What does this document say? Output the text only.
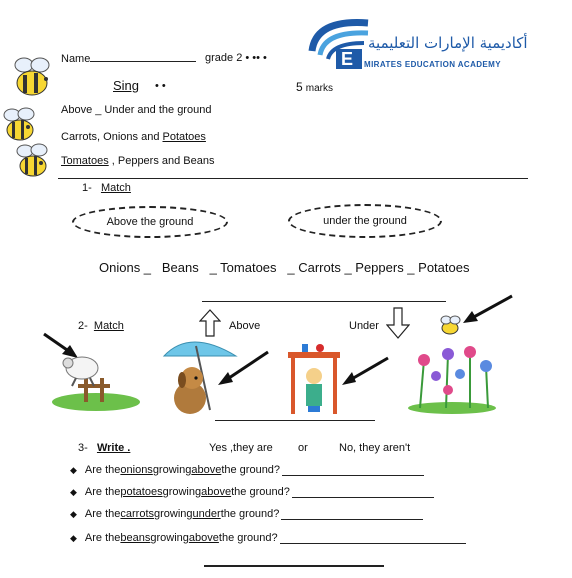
Name	grade 2 • •• •	E
أكاديمية الإمارات التعليمية
MIRATES EDUCATION ACADEMY
Sing • •	5 marks
Above _ Under and the ground
Carrots, Onions and Potatoes
Tomatoes , Peppers and Beans
1- Match
Above the ground	under the ground
Onions _   Beans   _ Tomatoes   _ Carrots _ Peppers _ Potatoes
2- Match	Above	Under
3- Write .	Yes ,they are or	No, they aren't
◆ Are the onions growing above the ground?
◆ Are the potatoes growing above the ground?
◆ Are the carrots growing under the ground?
◆ Are the beans growing above the ground?
